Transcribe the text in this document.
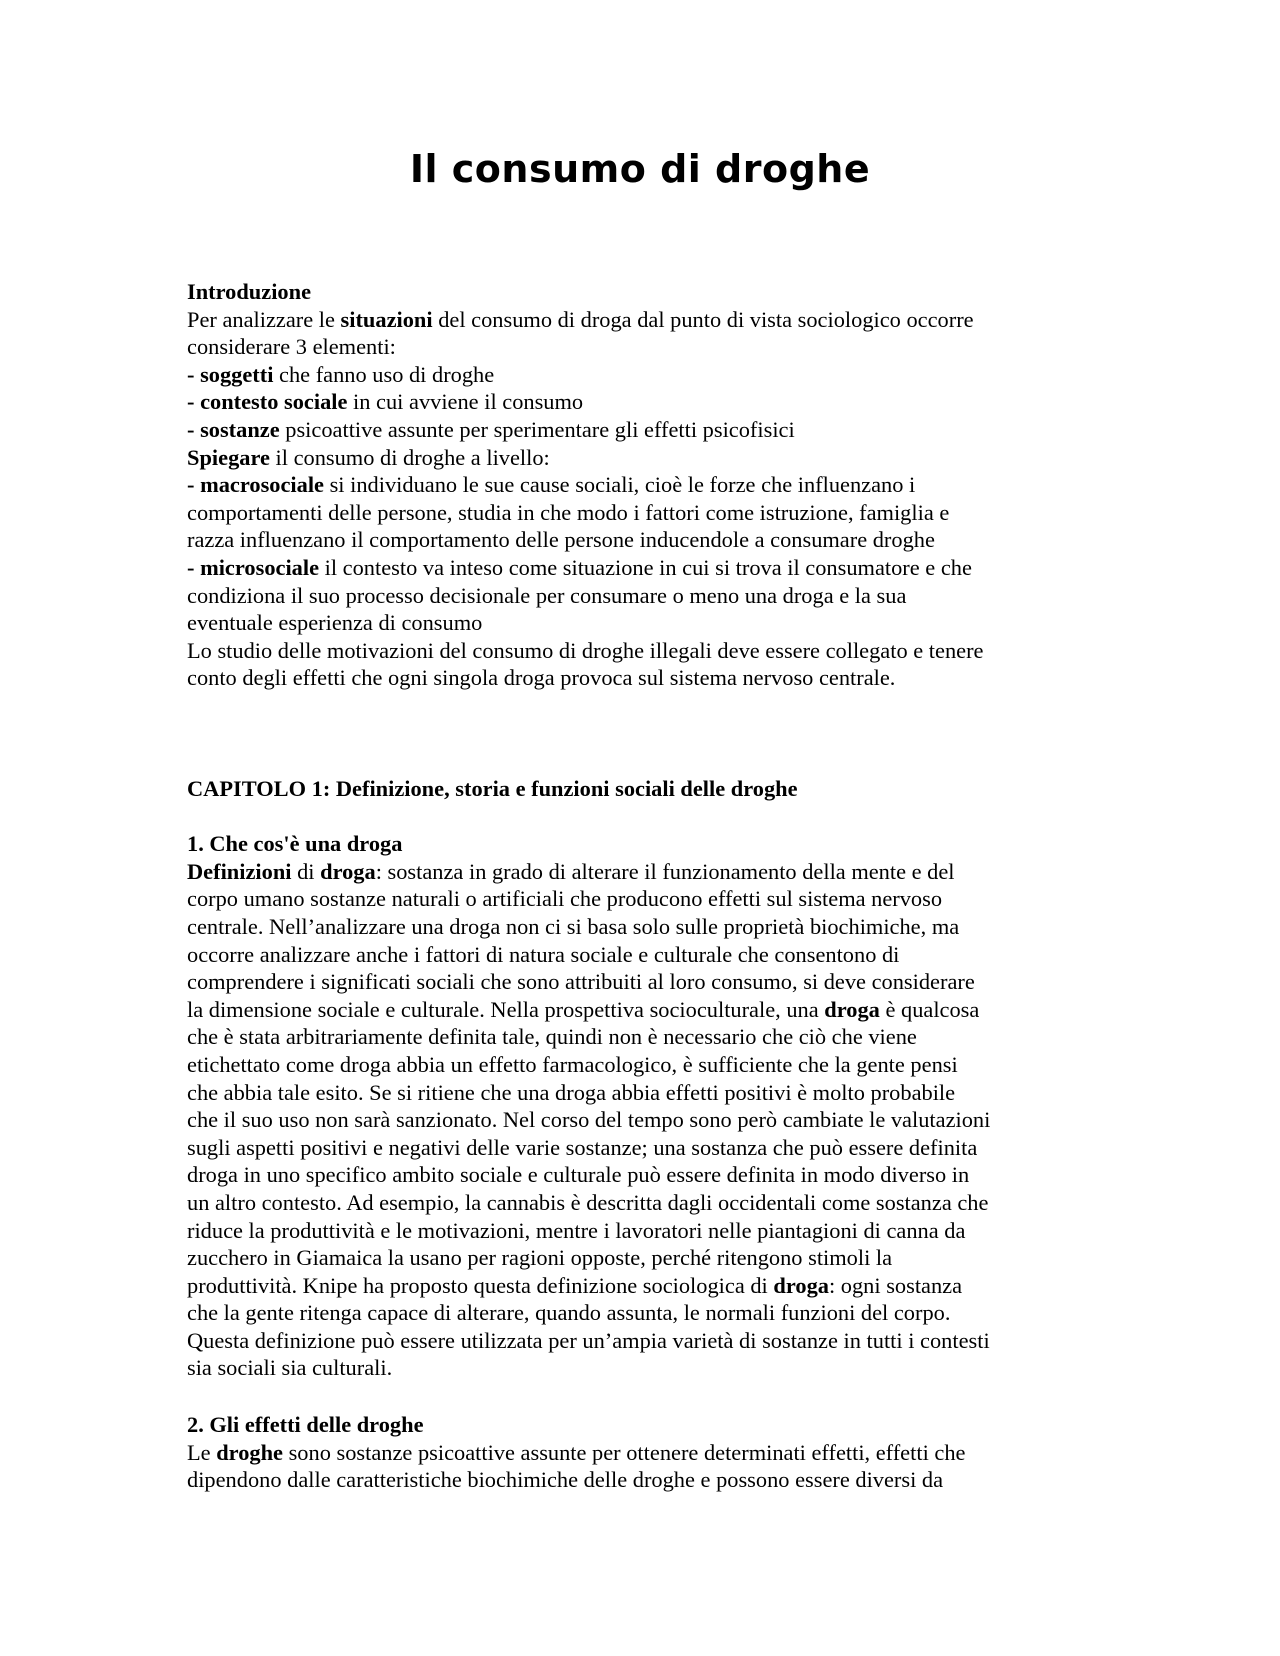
Il consumo di droghe
Introduzione
Per analizzare le situazioni del consumo di droga dal punto di vista sociologico occorre
considerare 3 elementi:
- soggetti che fanno uso di droghe
- contesto sociale in cui avviene il consumo
- sostanze psicoattive assunte per sperimentare gli effetti psicofisici
Spiegare il consumo di droghe a livello:
- macrosociale si individuano le sue cause sociali, cioè le forze che influenzano i
comportamenti delle persone, studia in che modo i fattori come istruzione, famiglia e
razza influenzano il comportamento delle persone inducendole a consumare droghe
- microsociale il contesto va inteso come situazione in cui si trova il consumatore e che
condiziona il suo processo decisionale per consumare o meno una droga e la sua
eventuale esperienza di consumo
Lo studio delle motivazioni del consumo di droghe illegali deve essere collegato e tenere
conto degli effetti che ogni singola droga provoca sul sistema nervoso centrale.
CAPITOLO 1: Definizione, storia e funzioni sociali delle droghe
1. Che cos'è una droga
Definizioni di droga: sostanza in grado di alterare il funzionamento della mente e del
corpo umano sostanze naturali o artificiali che producono effetti sul sistema nervoso
centrale. Nell’analizzare una droga non ci si basa solo sulle proprietà biochimiche, ma
occorre analizzare anche i fattori di natura sociale e culturale che consentono di
comprendere i significati sociali che sono attribuiti al loro consumo, si deve considerare
la dimensione sociale e culturale. Nella prospettiva socioculturale, una droga è qualcosa
che è stata arbitrariamente definita tale, quindi non è necessario che ciò che viene
etichettato come droga abbia un effetto farmacologico, è sufficiente che la gente pensi
che abbia tale esito. Se si ritiene che una droga abbia effetti positivi è molto probabile
che il suo uso non sarà sanzionato. Nel corso del tempo sono però cambiate le valutazioni
sugli aspetti positivi e negativi delle varie sostanze; una sostanza che può essere definita
droga in uno specifico ambito sociale e culturale può essere definita in modo diverso in
un altro contesto. Ad esempio, la cannabis è descritta dagli occidentali come sostanza che
riduce la produttività e le motivazioni, mentre i lavoratori nelle piantagioni di canna da
zucchero in Giamaica la usano per ragioni opposte, perché ritengono stimoli la
produttività. Knipe ha proposto questa definizione sociologica di droga: ogni sostanza
che la gente ritenga capace di alterare, quando assunta, le normali funzioni del corpo.
Questa definizione può essere utilizzata per un’ampia varietà di sostanze in tutti i contesti
sia sociali sia culturali.
2. Gli effetti delle droghe
Le droghe sono sostanze psicoattive assunte per ottenere determinati effetti, effetti che
dipendono dalle caratteristiche biochimiche delle droghe e possono essere diversi da
